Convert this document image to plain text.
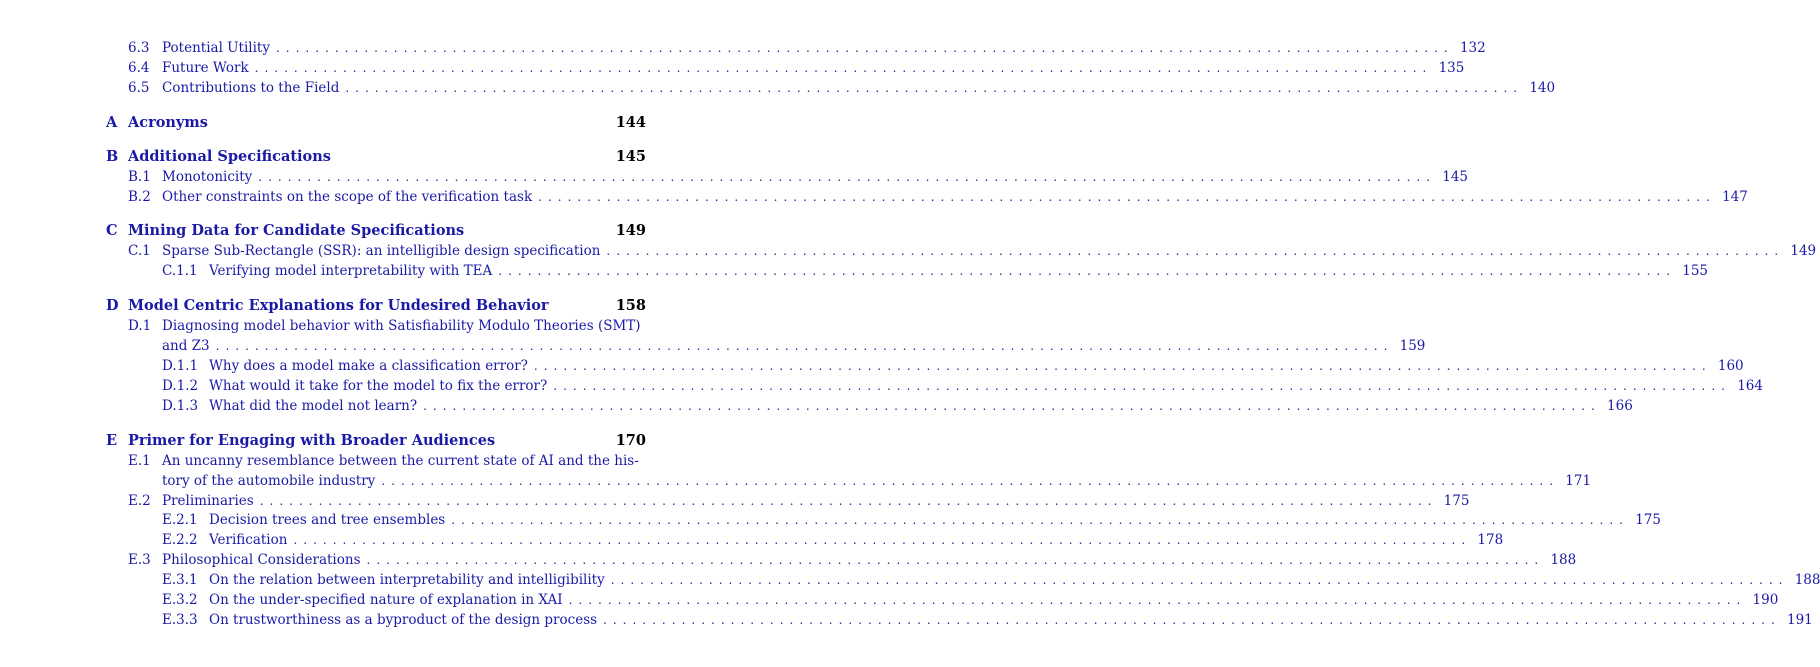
6.3 Potential Utility ........................................................................................................................ 132
6.4 Future Work ........................................................................................................................ 135
6.5 Contributions to the Field ........................................................................................................................ 140
A Acronyms	144
B Additional Specifications	145
B.1 Monotonicity ........................................................................................................................ 145
B.2 Other constraints on the scope of the verification task ........................................................................................................................ 147
C Mining Data for Candidate Specifications	149
C.1 Sparse Sub-Rectangle (SSR): an intelligible design specification ........................................................................................................................ 149
C.1.1 Verifying model interpretability with TEA ........................................................................................................................ 155
D Model Centric Explanations for Undesired Behavior	158
D.1 Diagnosing model behavior with Satisfiability Modulo Theories (SMT)
and Z3 ........................................................................................................................ 159
D.1.1 Why does a model make a classification error? ........................................................................................................................ 160
D.1.2 What would it take for the model to fix the error? ........................................................................................................................ 164
D.1.3 What did the model not learn? ........................................................................................................................ 166
E Primer for Engaging with Broader Audiences	170
E.1 An uncanny resemblance between the current state of AI and the his-
tory of the automobile industry ........................................................................................................................ 171
E.2 Preliminaries ........................................................................................................................ 175
E.2.1 Decision trees and tree ensembles ........................................................................................................................ 175
E.2.2 Verification ........................................................................................................................ 178
E.3 Philosophical Considerations ........................................................................................................................ 188
E.3.1 On the relation between interpretability and intelligibility ........................................................................................................................ 188
E.3.2 On the under-specified nature of explanation in XAI ........................................................................................................................ 190
E.3.3 On trustworthiness as a byproduct of the design process ........................................................................................................................ 191
